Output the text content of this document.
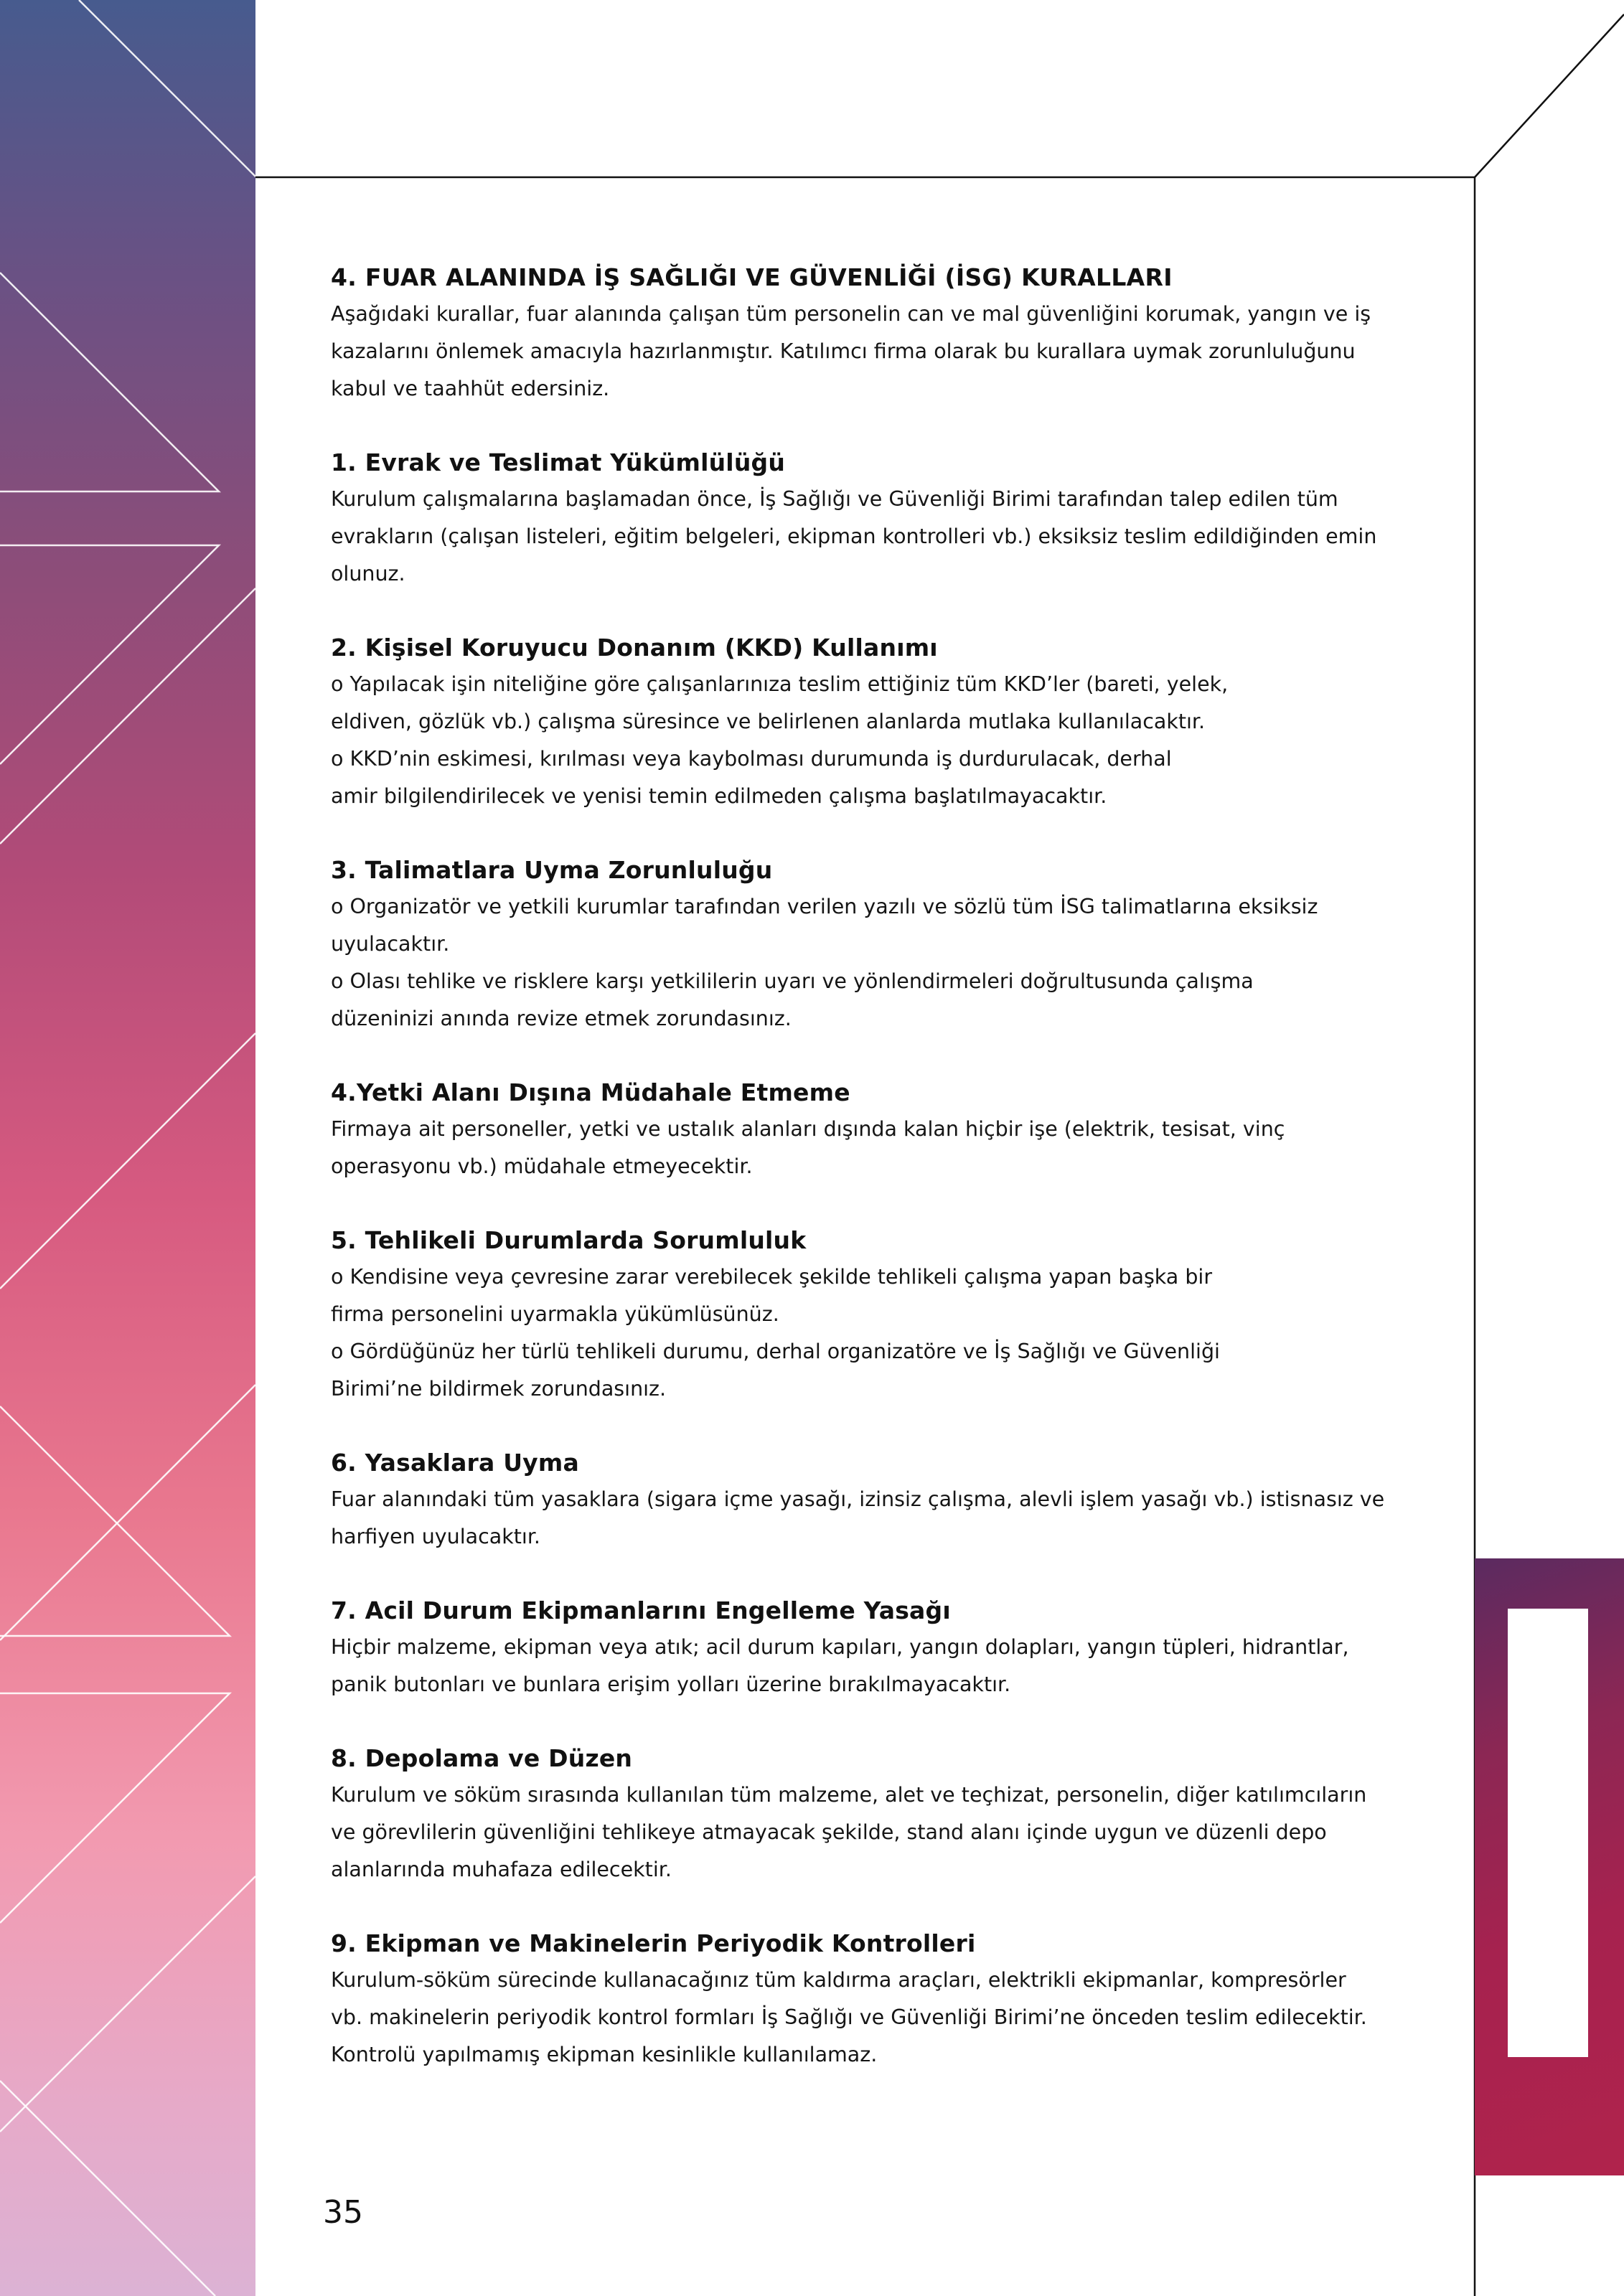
4. FUAR ALANINDA İŞ SAĞLIĞI VE GÜVENLİĞİ (İSG) KURALLARI

Aşağıdaki kurallar, fuar alanında çalışan tüm personelin can ve mal güvenliğini korumak, yangın ve iş
kazalarını önlemek amacıyla hazırlanmıştır. Katılımcı firma olarak bu kurallara uymak zorunluluğunu
kabul ve taahhüt edersiniz.

1. Evrak ve Teslimat Yükümlülüğü

Kurulum çalışmalarına başlamadan önce, İş Sağlığı ve Güvenliği Birimi tarafından talep edilen tüm
evrakların (çalışan listeleri, eğitim belgeleri, ekipman kontrolleri vb.) eksiksiz teslim edildiğinden emin
olunuz.

2. Kişisel Koruyucu Donanım (KKD) Kullanımı

o Yapılacak işin niteliğine göre çalışanlarınıza teslim ettiğiniz tüm KKD’ler (bareti, yelek,
eldiven, gözlük vb.) çalışma süresince ve belirlenen alanlarda mutlaka kullanılacaktır.
o KKD’nin eskimesi, kırılması veya kaybolması durumunda iş durdurulacak, derhal
amir bilgilendirilecek ve yenisi temin edilmeden çalışma başlatılmayacaktır.

3. Talimatlara Uyma Zorunluluğu

o Organizatör ve yetkili kurumlar tarafından verilen yazılı ve sözlü tüm İSG talimatlarına eksiksiz
uyulacaktır.
o Olası tehlike ve risklere karşı yetkililerin uyarı ve yönlendirmeleri doğrultusunda çalışma
düzeninizi anında revize etmek zorundasınız.

4.Yetki Alanı Dışına Müdahale Etmeme

Firmaya ait personeller, yetki ve ustalık alanları dışında kalan hiçbir işe (elektrik, tesisat, vinç
operasyonu vb.) müdahale etmeyecektir.

5. Tehlikeli Durumlarda Sorumluluk

o Kendisine veya çevresine zarar verebilecek şekilde tehlikeli çalışma yapan başka bir
firma personelini uyarmakla yükümlüsünüz.
o Gördüğünüz her türlü tehlikeli durumu, derhal organizatöre ve İş Sağlığı ve Güvenliği
Birimi’ne bildirmek zorundasınız.

6. Yasaklara Uyma

Fuar alanındaki tüm yasaklara (sigara içme yasağı, izinsiz çalışma, alevli işlem yasağı vb.) istisnasız ve
harfiyen uyulacaktır.

7. Acil Durum Ekipmanlarını Engelleme Yasağı

Hiçbir malzeme, ekipman veya atık; acil durum kapıları, yangın dolapları, yangın tüpleri, hidrantlar,
panik butonları ve bunlara erişim yolları üzerine bırakılmayacaktır.

8. Depolama ve Düzen

Kurulum ve söküm sırasında kullanılan tüm malzeme, alet ve teçhizat, personelin, diğer katılımcıların
ve görevlilerin güvenliğini tehlikeye atmayacak şekilde, stand alanı içinde uygun ve düzenli depo
alanlarında muhafaza edilecektir.

9. Ekipman ve Makinelerin Periyodik Kontrolleri

Kurulum-söküm sürecinde kullanacağınız tüm kaldırma araçları, elektrikli ekipmanlar, kompresörler
vb. makinelerin periyodik kontrol formları İş Sağlığı ve Güvenliği Birimi’ne önceden teslim edilecektir.
Kontrolü yapılmamış ekipman kesinlikle kullanılamaz.

35
